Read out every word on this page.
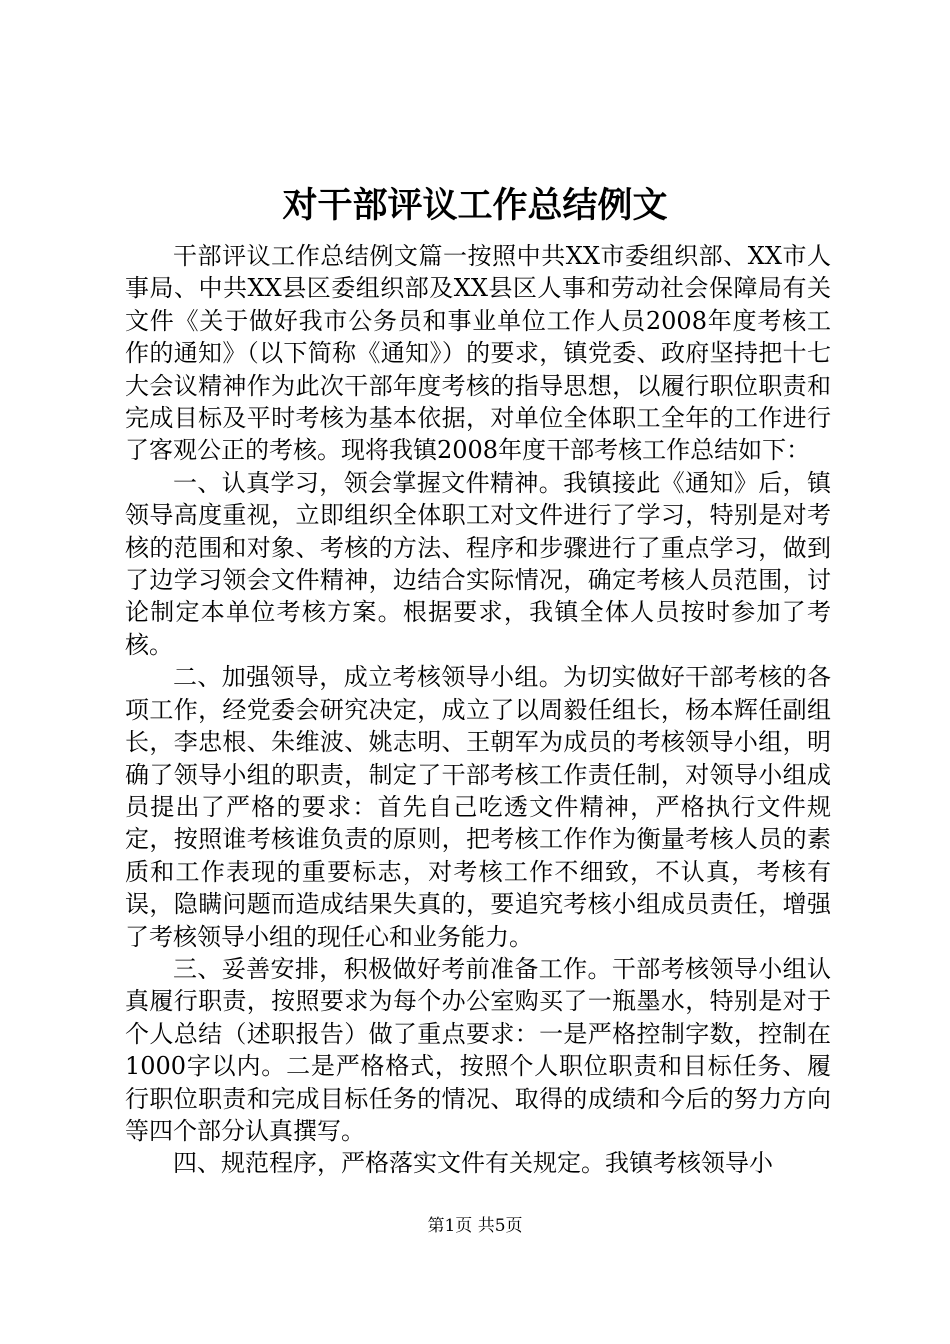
对干部评议工作总结例文

干部评议工作总结例文篇一按照中共XX市委组织部、XX市人事局、中共XX县区委组织部及XX县区人事和劳动社会保障局有关文件《关于做好我市公务员和事业单位工作人员2008年度考核工作的通知》（以下简称《通知》）的要求，镇党委、政府坚持把十七大会议精神作为此次干部年度考核的指导思想，以履行职位职责和完成目标及平时考核为基本依据，对单位全体职工全年的工作进行了客观公正的考核。现将我镇2008年度干部考核工作总结如下：

一、认真学习，领会掌握文件精神。我镇接此《通知》后，镇领导高度重视，立即组织全体职工对文件进行了学习，特别是对考核的范围和对象、考核的方法、程序和步骤进行了重点学习，做到了边学习领会文件精神，边结合实际情况，确定考核人员范围，讨论制定本单位考核方案。根据要求，我镇全体人员按时参加了考核。

二、加强领导，成立考核领导小组。为切实做好干部考核的各项工作，经党委会研究决定，成立了以周毅任组长，杨本辉任副组长，李忠根、朱维波、姚志明、王朝军为成员的考核领导小组，明确了领导小组的职责，制定了干部考核工作责任制，对领导小组成员提出了严格的要求：首先自己吃透文件精神，严格执行文件规定，按照谁考核谁负责的原则，把考核工作作为衡量考核人员的素质和工作表现的重要标志，对考核工作不细致，不认真，考核有误，隐瞒问题而造成结果失真的，要追究考核小组成员责任，增强了考核领导小组的现任心和业务能力。

三、妥善安排，积极做好考前准备工作。干部考核领导小组认真履行职责，按照要求为每个办公室购买了一瓶墨水，特别是对于个人总结（述职报告）做了重点要求：一是严格控制字数，控制在1000字以内。二是严格格式，按照个人职位职责和目标任务、履行职位职责和完成目标任务的情况、取得的成绩和今后的努力方向等四个部分认真撰写。

四、规范程序，严格落实文件有关规定。我镇考核领导小

第1页 共5页
